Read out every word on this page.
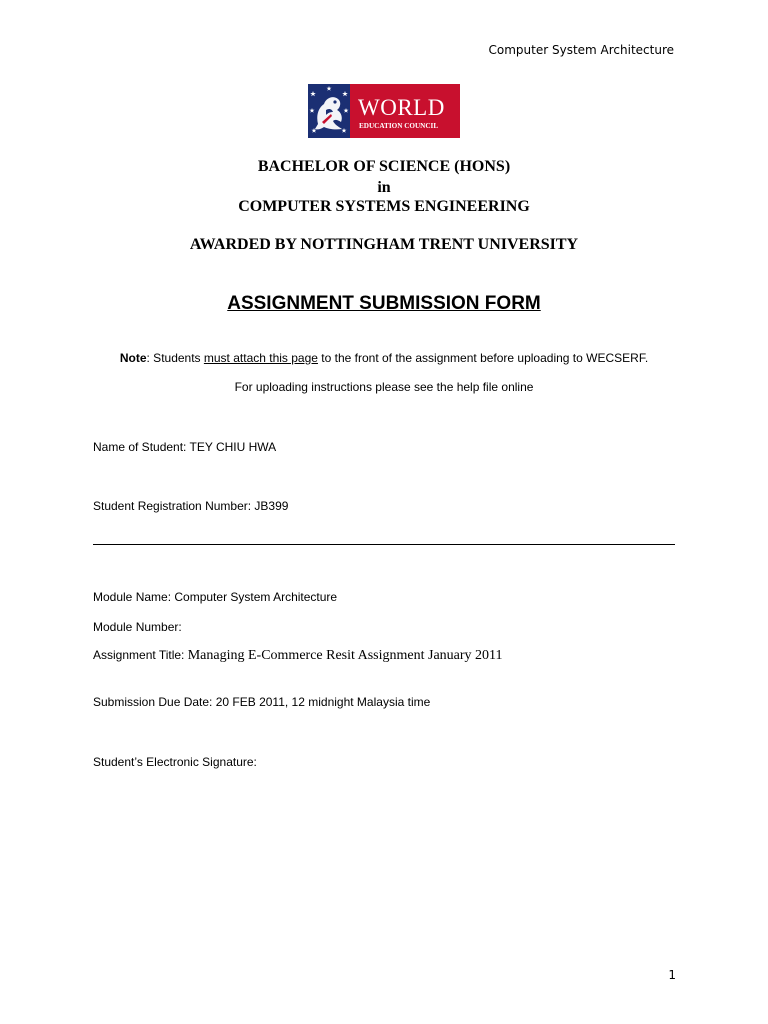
Computer System Architecture
WORLD
EDUCATION COUNCIL
BACHELOR OF SCIENCE (HONS)
in
COMPUTER SYSTEMS ENGINEERING
AWARDED BY NOTTINGHAM TRENT UNIVERSITY
ASSIGNMENT SUBMISSION FORM
Note: Students must attach this page to the front of the assignment before uploading to WECSERF.
For uploading instructions please see the help file online
Name of Student: TEY CHIU HWA
Student Registration Number: JB399
Module Name: Computer System Architecture
Module Number:
Assignment Title: Managing E-Commerce Resit Assignment January 2011
Submission Due Date: 20 FEB 2011, 12 midnight Malaysia time
Student’s Electronic Signature:
1
